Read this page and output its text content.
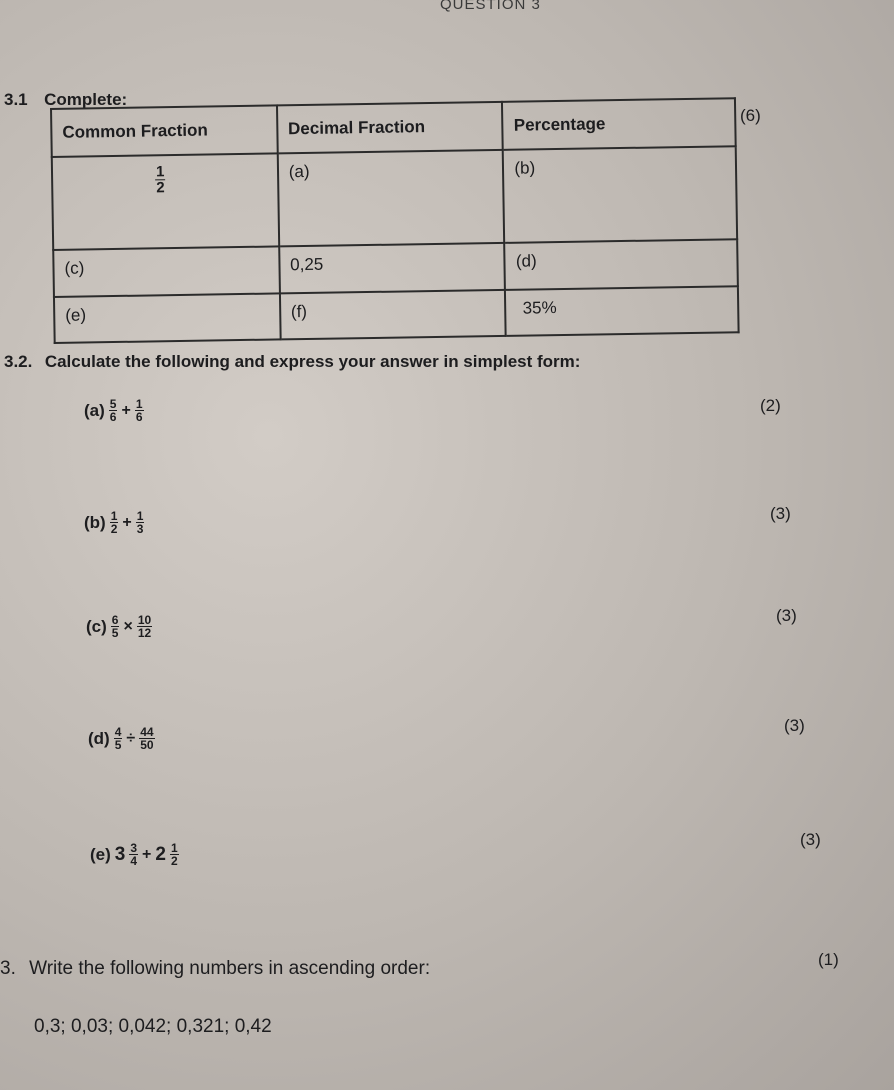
QUESTION 3
3.1 Complete:
(6)
Common Fraction	Decimal Fraction	Percentage

$\frac{1}{2}$	(a)	(b)
(c)	0,25	(d)
(e)	(f)	35%
3.2. Calculate the following and express your answer in simplest form:
$(a) \frac{5}{6} + \frac{1}{6}$	(2)
$(b) \frac{1}{2} + \frac{1}{3}$	(3)
$(c) \frac{6}{5} \times \frac{10}{12}$	(3)
$(d) \frac{4}{5} \div \frac{44}{50}$
(3)
(e) $3 \frac{3}{4} + 2 \frac{1}{2}$
(3)
3. Write the following numbers in ascending order:	(1)
0,3; 0,03; 0,042; 0,321; 0,42
